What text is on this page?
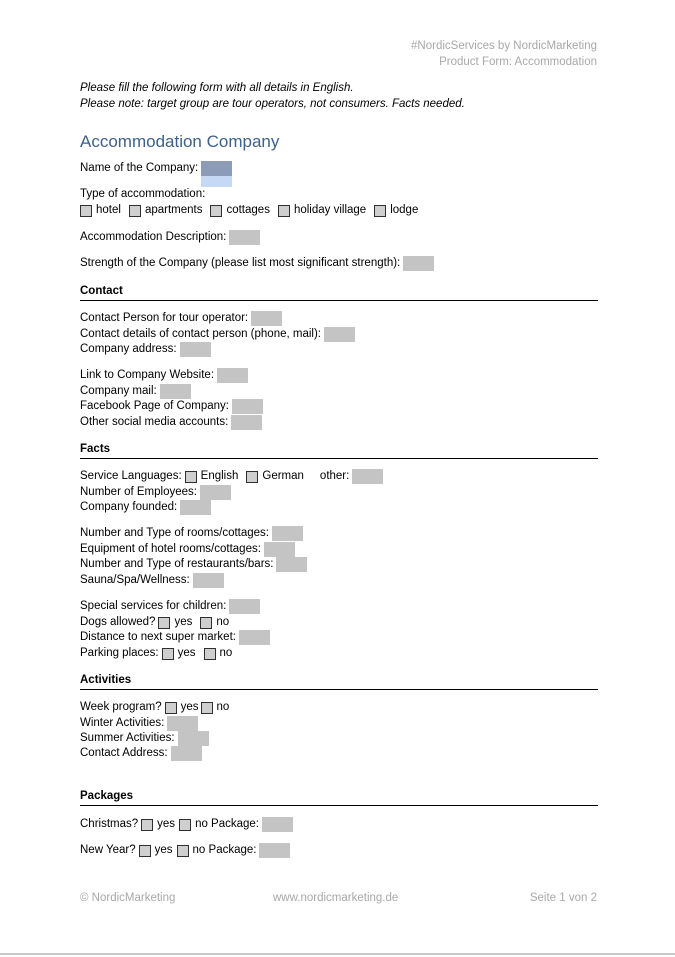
#NordicServices by NordicMarketing
Product Form: Accommodation
Please fill the following form with all details in English.
Please note: target group are tour operators, not consumers. Facts needed.
Accommodation Company
Name of the Company:
Type of accommodation:
hotel apartments cottages holiday village lodge
Accommodation Description:
Strength of the Company (please list most significant strength):
Contact
Contact Person for tour operator:
Contact details of contact person (phone, mail):
Company address:
Link to Company Website:
Company mail:
Facebook Page of Company:
Other social media accounts:
Facts
Service Languages: English German other:
Number of Employees:
Company founded:
Number and Type of rooms/cottages:
Equipment of hotel rooms/cottages:
Number and Type of restaurants/bars:
Sauna/Spa/Wellness:
Special services for children:
Dogs allowed? yes no
Distance to next super market:
Parking places: yes no
Activities
Week program? yes no
Winter Activities:
Summer Activities:
Contact Address:
Packages
Christmas? yes no Package:
New Year? yes no Package:
© NordicMarketing	www.nordicmarketing.de	Seite 1 von 2
